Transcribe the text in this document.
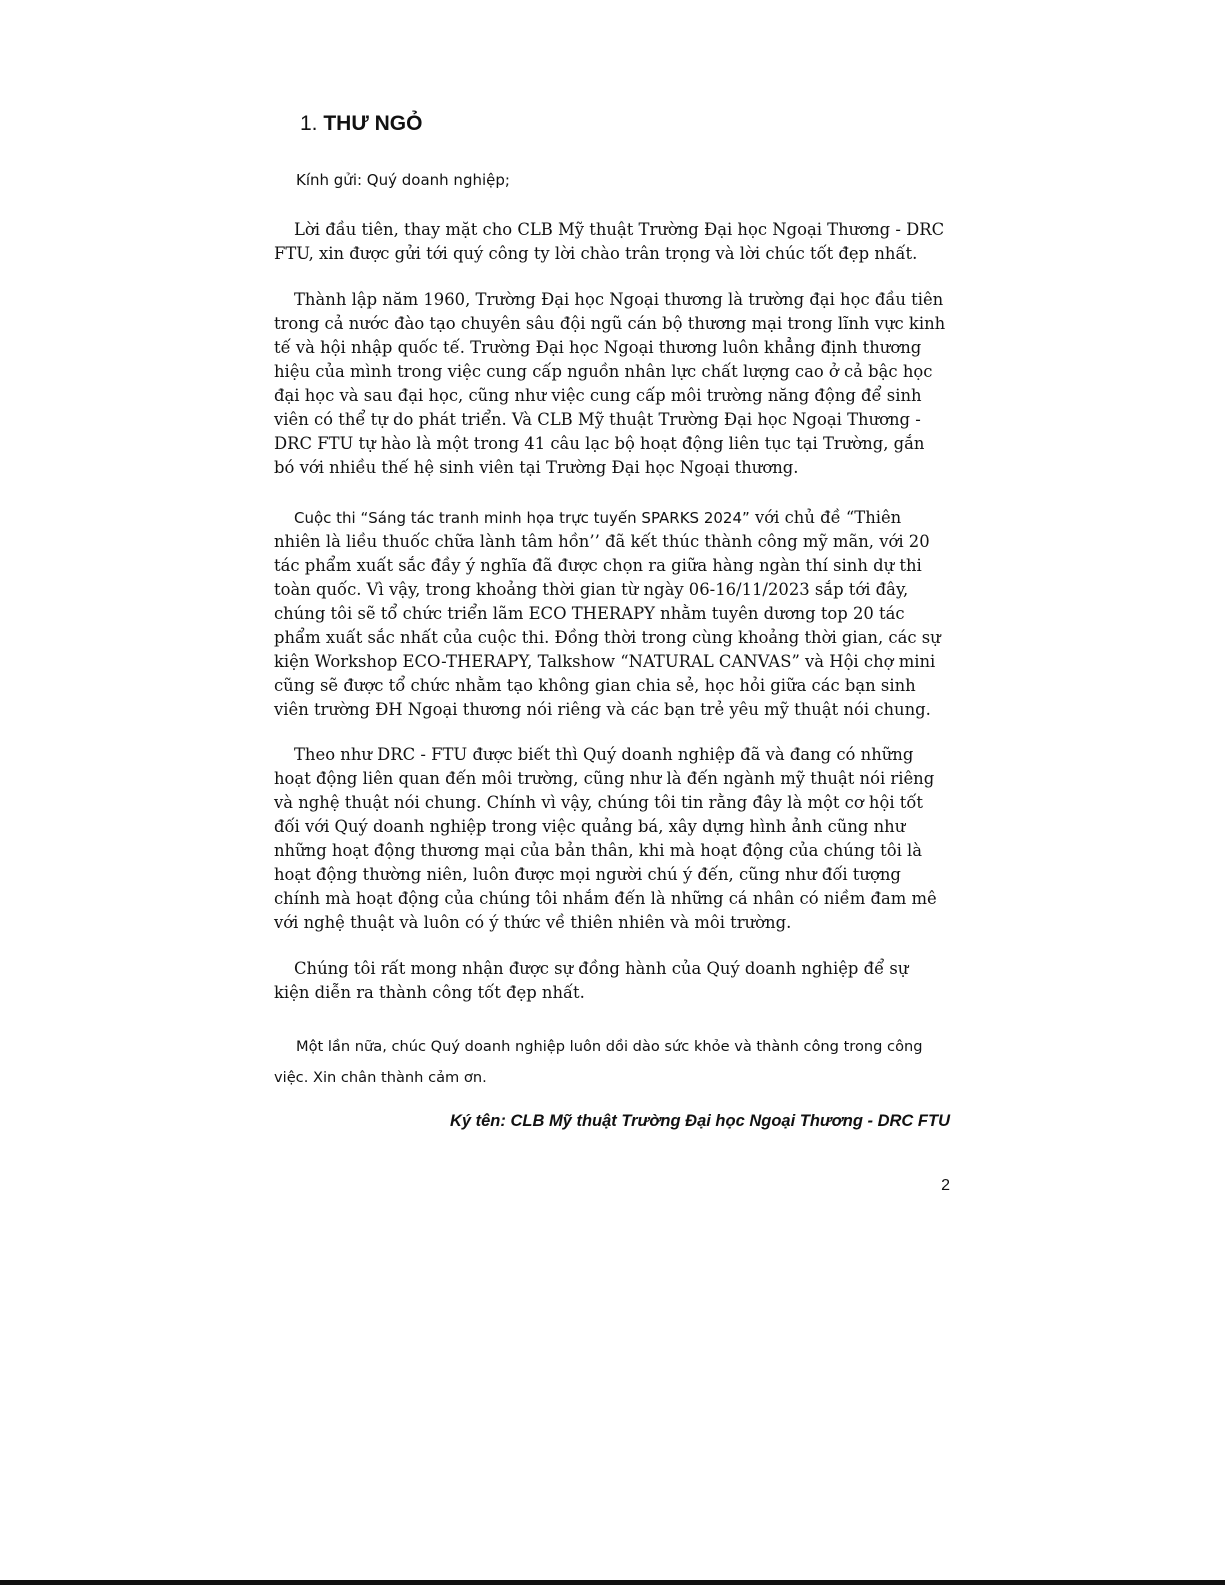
1. THƯ NGỎ
Kính gửi: Quý doanh nghiệp;

Lời đầu tiên, thay mặt cho CLB Mỹ thuật Trường Đại học Ngoại Thương - DRC FTU, xin được gửi tới quý công ty lời chào trân trọng và lời chúc tốt đẹp nhất.

Thành lập năm 1960, Trường Đại học Ngoại thương là trường đại học đầu tiên trong cả nước đào tạo chuyên sâu đội ngũ cán bộ thương mại trong lĩnh vực kinh tế và hội nhập quốc tế. Trường Đại học Ngoại thương luôn khẳng định thương hiệu của mình trong việc cung cấp nguồn nhân lực chất lượng cao ở cả bậc học đại học và sau đại học, cũng như việc cung cấp môi trường năng động để sinh viên có thể tự do phát triển. Và CLB Mỹ thuật Trường Đại học Ngoại Thương - DRC FTU tự hào là một trong 41 câu lạc bộ hoạt động liên tục tại Trường, gắn bó với nhiều thế hệ sinh viên tại Trường Đại học Ngoại thương.

Cuộc thi “Sáng tác tranh minh họa trực tuyến SPARKS 2024” với chủ đề “Thiên nhiên là liều thuốc chữa lành tâm hồn’’ đã kết thúc thành công mỹ mãn, với 20 tác phẩm xuất sắc đầy ý nghĩa đã được chọn ra giữa hàng ngàn thí sinh dự thi toàn quốc. Vì vậy, trong khoảng thời gian từ ngày 06-16/11/2023 sắp tới đây, chúng tôi sẽ tổ chức triển lãm ECO THERAPY nhằm tuyên dương top 20 tác phẩm xuất sắc nhất của cuộc thi. Đồng thời trong cùng khoảng thời gian, các sự kiện Workshop ECO-THERAPY, Talkshow “NATURAL CANVAS” và Hội chợ mini cũng sẽ được tổ chức nhằm tạo không gian chia sẻ, học hỏi giữa các bạn sinh viên trường ĐH Ngoại thương nói riêng và các bạn trẻ yêu mỹ thuật nói chung.

Theo như DRC - FTU được biết thì Quý doanh nghiệp đã và đang có những hoạt động liên quan đến môi trường, cũng như là đến ngành mỹ thuật nói riêng và nghệ thuật nói chung. Chính vì vậy, chúng tôi tin rằng đây là một cơ hội tốt đối với Quý doanh nghiệp trong việc quảng bá, xây dựng hình ảnh cũng như những hoạt động thương mại của bản thân, khi mà hoạt động của chúng tôi là hoạt động thường niên, luôn được mọi người chú ý đến, cũng như đối tượng chính mà hoạt động của chúng tôi nhắm đến là những cá nhân có niềm đam mê với nghệ thuật và luôn có ý thức về thiên nhiên và môi trường.

Chúng tôi rất mong nhận được sự đồng hành của Quý doanh nghiệp để sự kiện diễn ra thành công tốt đẹp nhất.

Một lần nữa, chúc Quý doanh nghiệp luôn dồi dào sức khỏe và thành công trong công việc. Xin chân thành cảm ơn.

Ký tên: CLB Mỹ thuật Trường Đại học Ngoại Thương - DRC FTU
2
